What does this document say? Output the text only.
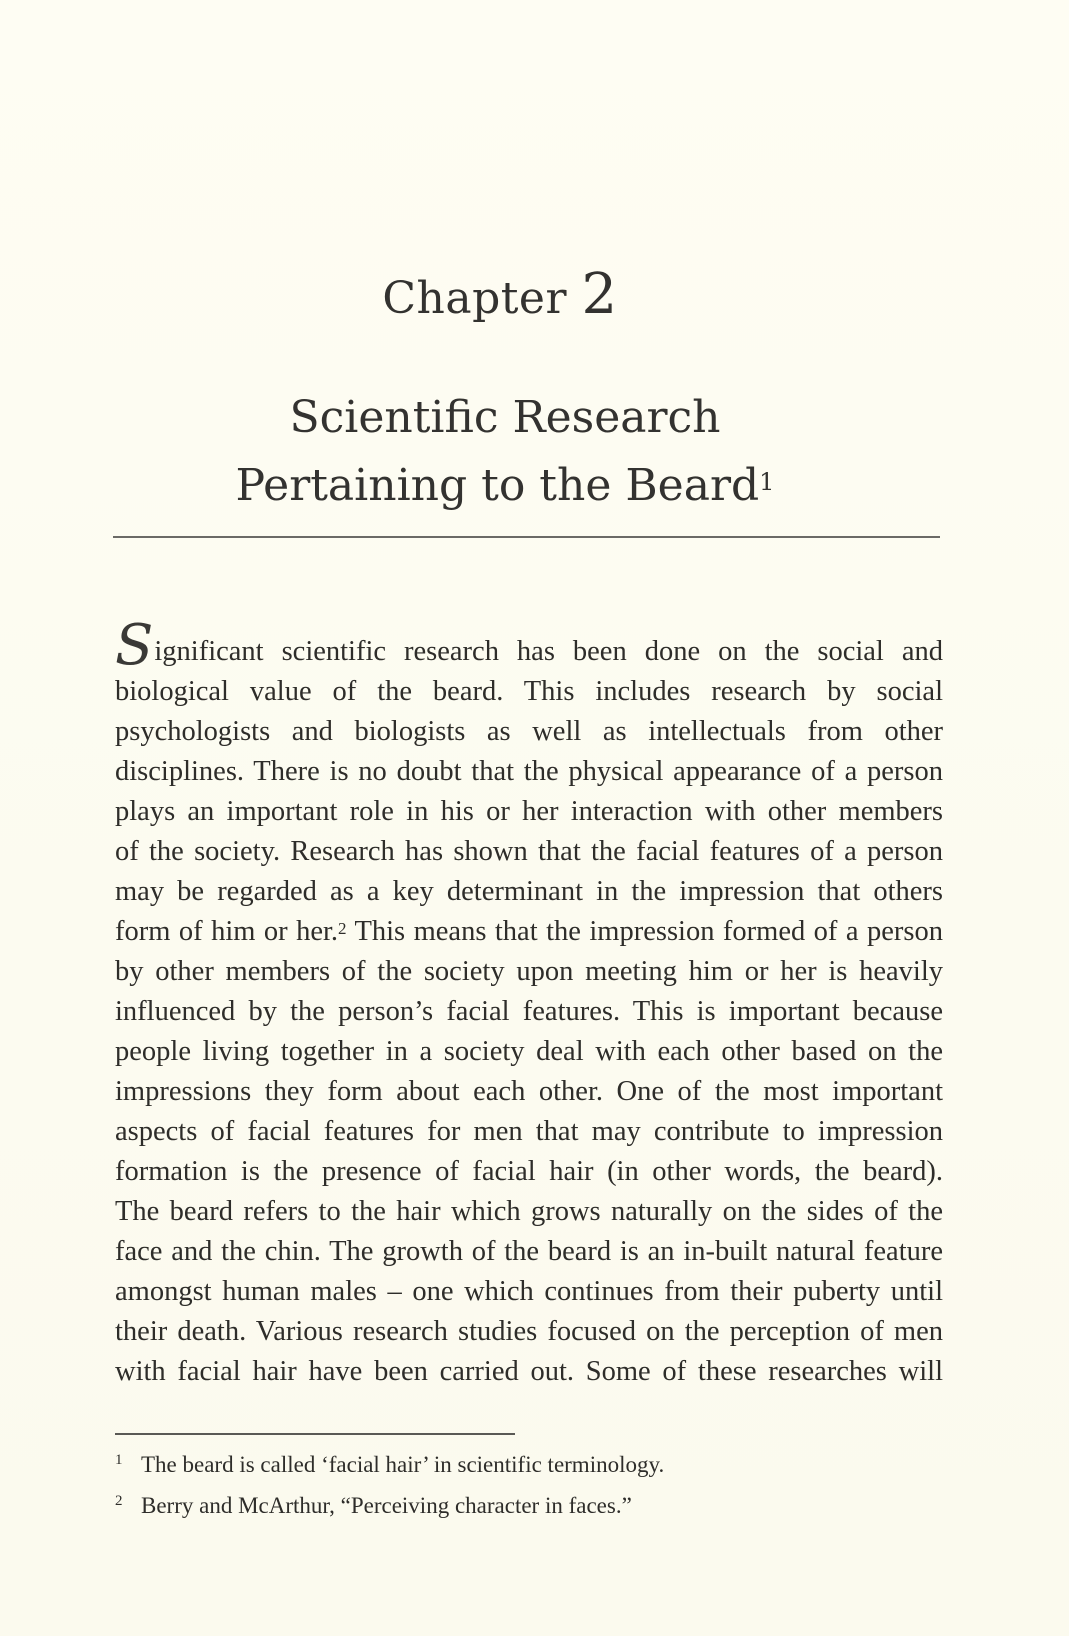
Chapter 2
Scientific Research
Pertaining to the Beard$^1$
Significant scientific research has been done on the social and
biological value of the beard. This includes research by social
psychologists and biologists as well as intellectuals from other
disciplines. There is no doubt that the physical appearance of a person
plays an important role in his or her interaction with other members
of the society. Research has shown that the facial features of a person
may be regarded as a key determinant in the impression that others
form of him or her.$^2$ This means that the impression formed of a person
by other members of the society upon meeting him or her is heavily
influenced by the person’s facial features. This is important because
people living together in a society deal with each other based on the
impressions they form about each other. One of the most important
aspects of facial features for men that may contribute to impression
formation is the presence of facial hair (in other words, the beard).
The beard refers to the hair which grows naturally on the sides of the
face and the chin. The growth of the beard is an in-built natural feature
amongst human males – one which continues from their puberty until
their death. Various research studies focused on the perception of men
with facial hair have been carried out. Some of these researches will
1 The beard is called ‘facial hair’ in scientific terminology.
2 Berry and McArthur, “Perceiving character in faces.”
